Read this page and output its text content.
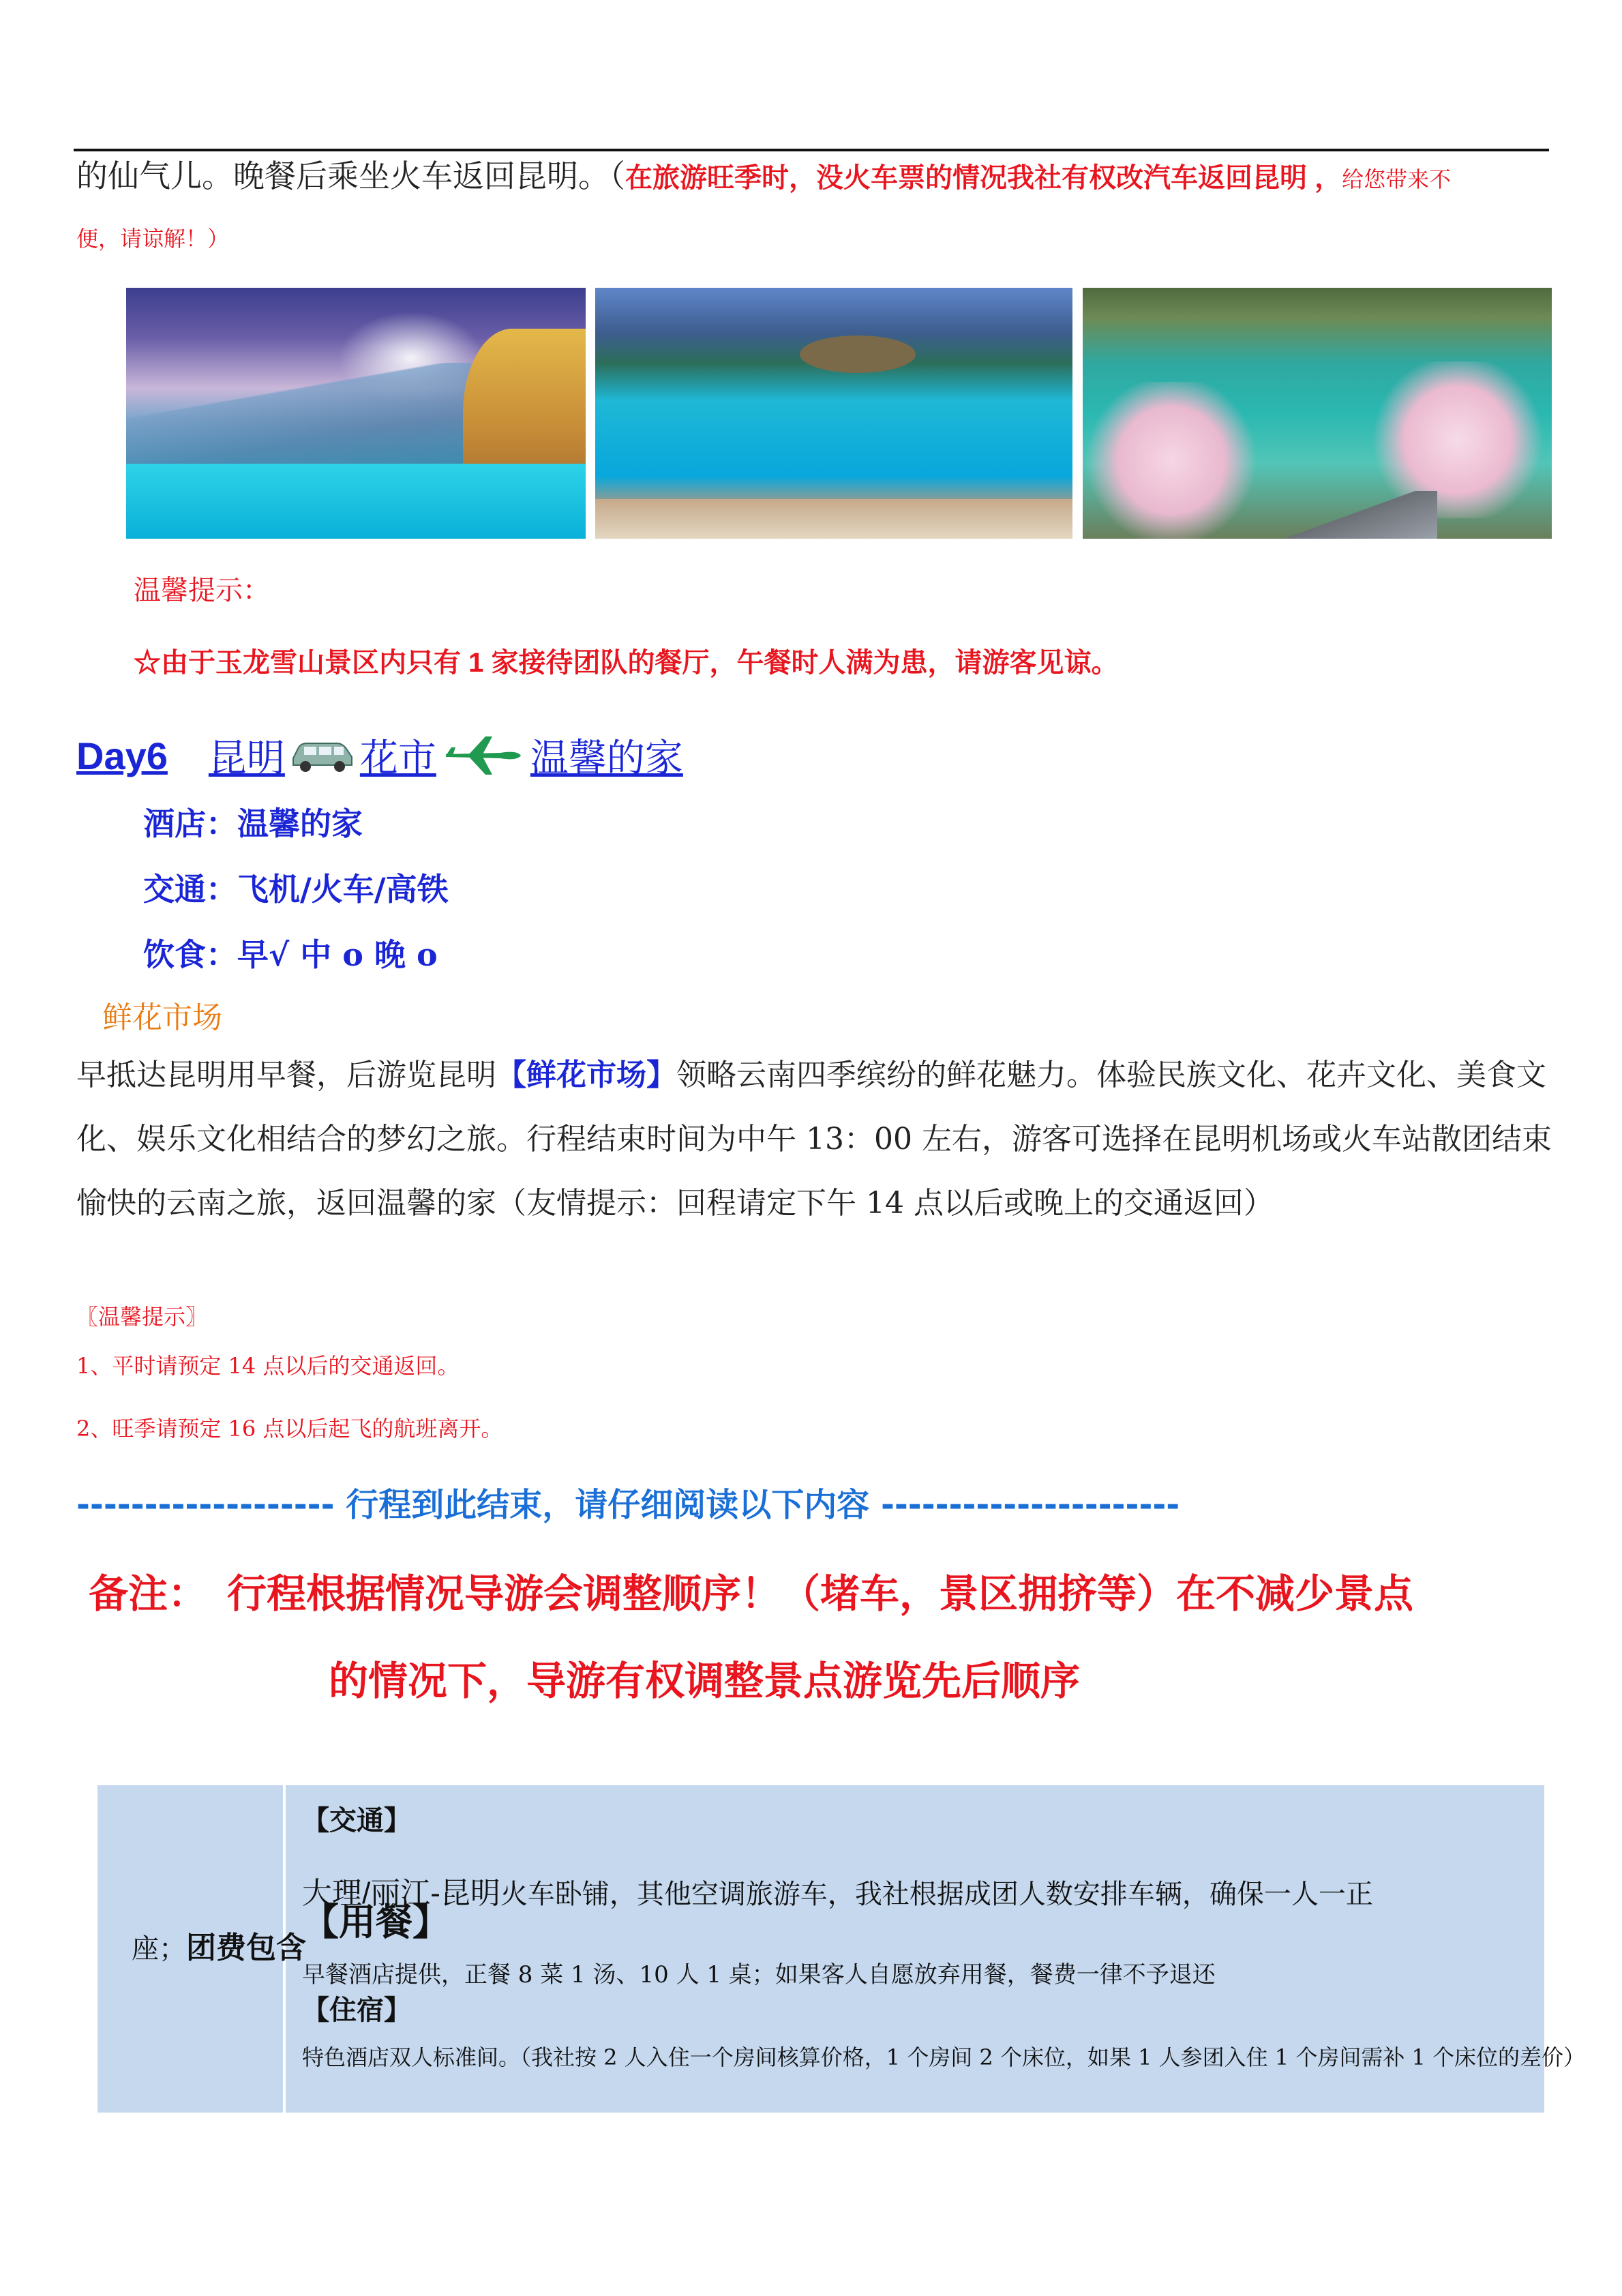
的仙气儿。晚餐后乘坐火车返回昆明。（在旅游旺季时，没火车票的情况我社有权改汽车返回昆明 ，给您带来不
便，请谅解！）
温馨提示：
☆由于玉龙雪山景区内只有 1 家接待团队的餐厅，午餐时人满为患，请游客见谅。
Day6 昆明 花市 温馨的家
酒店：温馨的家
交通：飞机/火车/高铁
饮食：早√ 中 o 晚 o
鲜花市场
早抵达昆明用早餐，后游览昆明【鲜花市场】领略云南四季缤纷的鲜花魅力。体验民族文化、花卉文化、美食文化、娱乐文化相结合的梦幻之旅。行程结束时间为中午 13：00 左右，游客可选择在昆明机场或火车站散团结束愉快的云南之旅，返回温馨的家（友情提示：回程请定下午 14 点以后或晚上的交通返回）
〖温馨提示〗
1、平时请预定 14 点以后的交通返回。
2、旺季请预定 16 点以后起飞的航班离开。
------------------- 行程到此结束，请仔细阅读以下内容 ----------------------
备注：　行程根据情况导游会调整顺序！（堵车，景区拥挤等）在不减少景点
的情况下，导游有权调整景点游览先后顺序
座；团费包含
【交通】
大理/丽江-昆明火车卧铺，其他空调旅游车，我社根据成团人数安排车辆，确保一人一正
【用餐】
早餐酒店提供，正餐 8 菜 1 汤、10 人 1 桌；如果客人自愿放弃用餐，餐费一律不予退还
【住宿】
特色酒店双人标准间。（我社按 2 人入住一个房间核算价格，1 个房间 2 个床位，如果 1 人参团入住 1 个房间需补 1 个床位的差价）
